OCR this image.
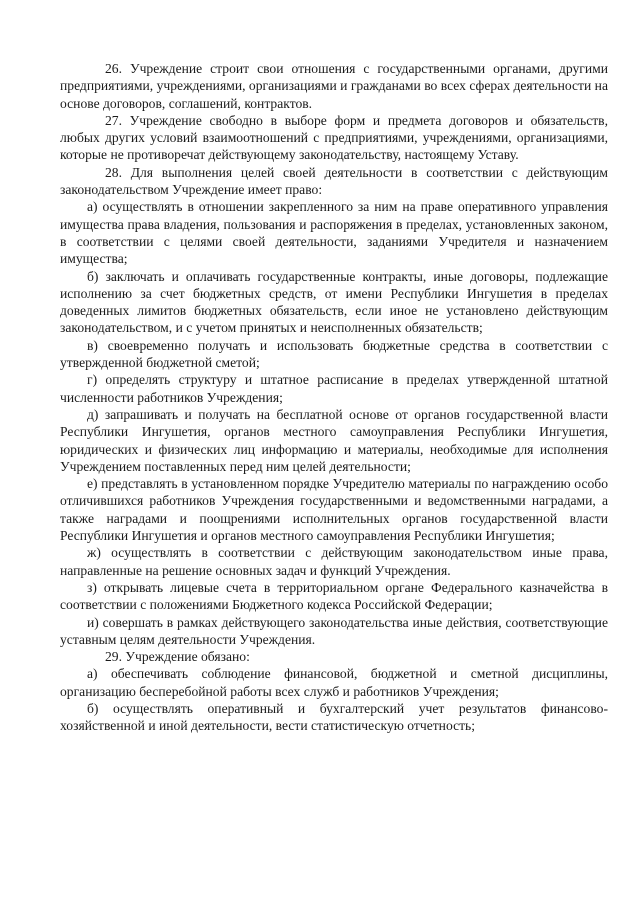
26. Учреждение строит свои отношения с государственными органами, другими предприятиями, учреждениями, организациями и гражданами во всех сферах деятельности на основе договоров, соглашений, контрактов.

27. Учреждение свободно в выборе форм и предмета договоров и обязательств, любых других условий взаимоотношений с предприятиями, учреждениями, организациями, которые не противоречат действующему законодательству, настоящему Уставу.

28. Для выполнения целей своей деятельности в соответствии с действующим законодательством Учреждение имеет право:

а) осуществлять в отношении закрепленного за ним на праве оперативного управления имущества права владения, пользования и распоряжения в пределах, установленных законом, в соответствии с целями своей деятельности, заданиями Учредителя и назначением имущества;

б) заключать и оплачивать государственные контракты, иные договоры, подлежащие исполнению за счет бюджетных средств, от имени Республики Ингушетия в пределах доведенных лимитов бюджетных обязательств, если иное не установлено действующим законодательством, и с учетом принятых и неисполненных обязательств;

в) своевременно получать и использовать бюджетные средства в соответствии с утвержденной бюджетной сметой;

г) определять структуру и штатное расписание в пределах утвержденной штатной численности работников Учреждения;

д) запрашивать и получать на бесплатной основе от органов государственной власти Республики Ингушетия, органов местного самоуправления Республики Ингушетия, юридических и физических лиц информацию и материалы, необходимые для исполнения Учреждением поставленных перед ним целей деятельности;

е) представлять в установленном порядке Учредителю материалы по награждению особо отличившихся работников Учреждения государственными и ведомственными наградами, а также наградами и поощрениями исполнительных органов государственной власти Республики Ингушетия и органов местного самоуправления Республики Ингушетия;

ж) осуществлять в соответствии с действующим законодательством иные права, направленные на решение основных задач и функций Учреждения.

з) открывать лицевые счета в территориальном органе Федерального казначейства в соответствии с положениями Бюджетного кодекса Российской Федерации;

и) совершать в рамках действующего законодательства иные действия, соответствующие уставным целям деятельности Учреждения.

29. Учреждение обязано:

а) обеспечивать соблюдение финансовой, бюджетной и сметной дисциплины, организацию бесперебойной работы всех служб и работников Учреждения;

б) осуществлять оперативный и бухгалтерский учет результатов финансово-хозяйственной и иной деятельности, вести статистическую отчетность;
